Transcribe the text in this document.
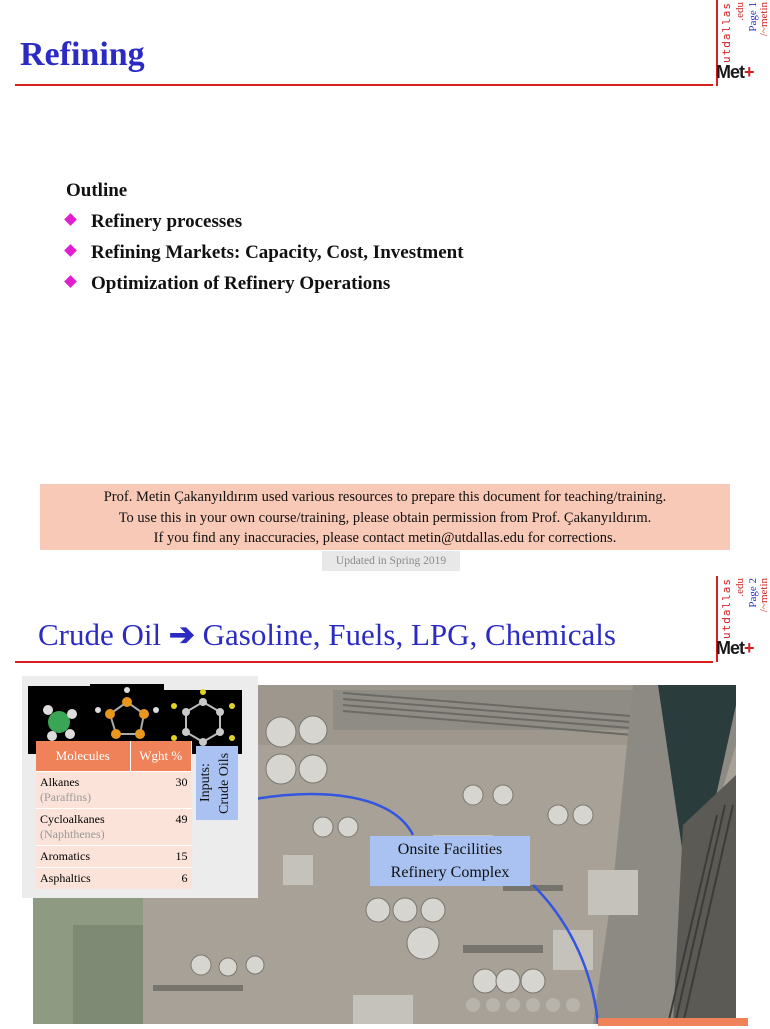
Refining	utdallas .edu Page 1 /~metin
Met+
Outline
Refinery processes
Refining Markets: Capacity, Cost, Investment
Optimization of Refinery Operations
Prof. Metin Çakanyıldırım used various resources to prepare this document for teaching/training.
To use this in your own course/training, please obtain permission from Prof. Çakanyıldırım.
If you find any inaccuracies, please contact metin@utdallas.edu for corrections.
Updated in Spring 2019
utdallas .edu Page 2 /~metin
Met+
Crude Oil ➔ Gasoline, Fuels, LPG, Chemicals
Molecules	Wght %
Alkanes
(Paraffins)	30
Cycloalkanes
(Naphthenes)	49
Aromatics	15
Asphaltics	6
Inputs: Crude Oils
Onsite Facilities
Refinery Complex
